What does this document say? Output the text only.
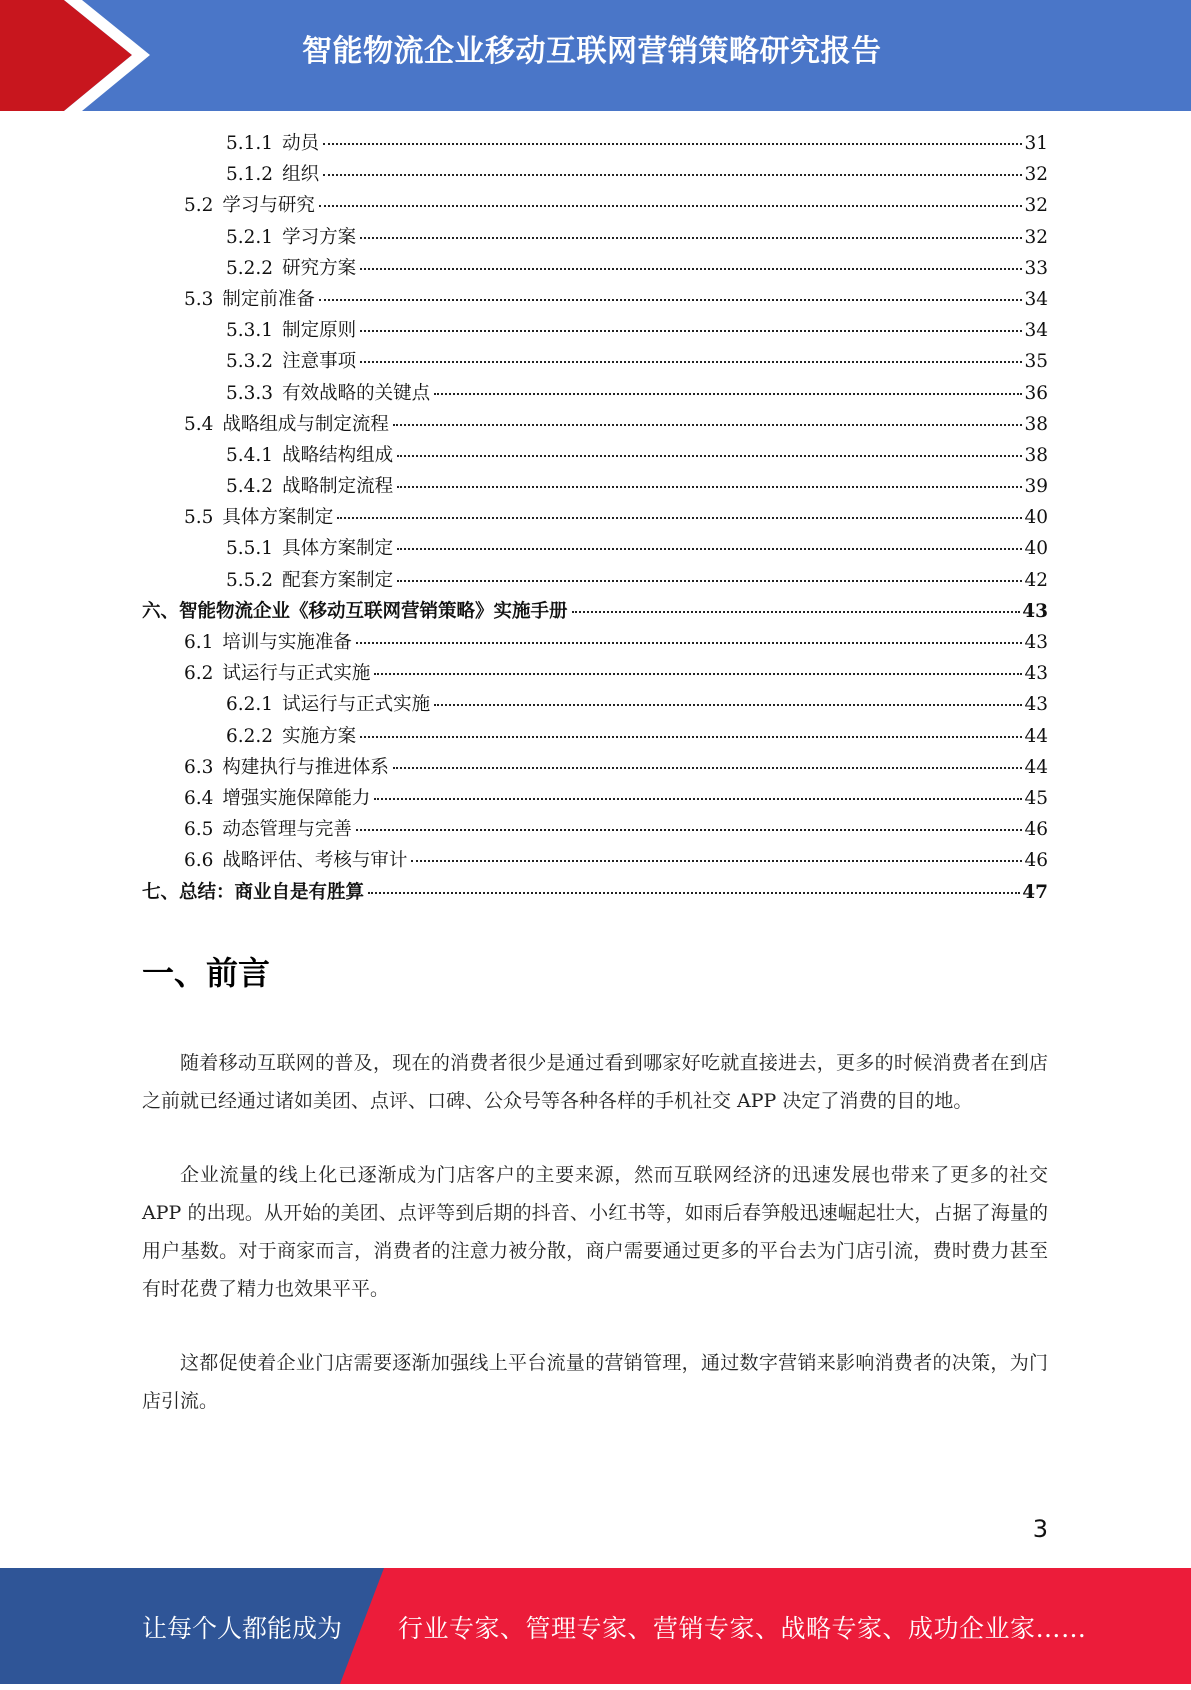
智能物流企业移动互联网营销策略研究报告
5.1.1 动员	31
5.1.2 组织	32
5.2 学习与研究	32
5.2.1 学习方案	32
5.2.2 研究方案	33
5.3 制定前准备	34
5.3.1 制定原则	34
5.3.2 注意事项	35
5.3.3 有效战略的关键点	36
5.4 战略组成与制定流程	38
5.4.1 战略结构组成	38
5.4.2 战略制定流程	39
5.5 具体方案制定	40
5.5.1 具体方案制定	40
5.5.2 配套方案制定	42
六、智能物流企业《移动互联网营销策略》实施手册	43
6.1 培训与实施准备	43
6.2 试运行与正式实施	43
6.2.1 试运行与正式实施	43
6.2.2 实施方案	44
6.3 构建执行与推进体系	44
6.4 增强实施保障能力	45
6.5 动态管理与完善	46
6.6 战略评估、考核与审计	46
七、总结：商业自是有胜算	47
一、前言

随着移动互联网的普及，现在的消费者很少是通过看到哪家好吃就直接进去，更多的时候消费者在到店之前就已经通过诸如美团、点评、口碑、公众号等各种各样的手机社交 APP 决定了消费的目的地。

企业流量的线上化已逐渐成为门店客户的主要来源，然而互联网经济的迅速发展也带来了更多的社交 APP 的出现。从开始的美团、点评等到后期的抖音、小红书等，如雨后春笋般迅速崛起壮大，占据了海量的用户基数。对于商家而言，消费者的注意力被分散，商户需要通过更多的平台去为门店引流，费时费力甚至有时花费了精力也效果平平。

这都促使着企业门店需要逐渐加强线上平台流量的营销管理，通过数字营销来影响消费者的决策，为门店引流。

3
让每个人都能成为 行业专家、管理专家、营销专家、战略专家、成功企业家……
